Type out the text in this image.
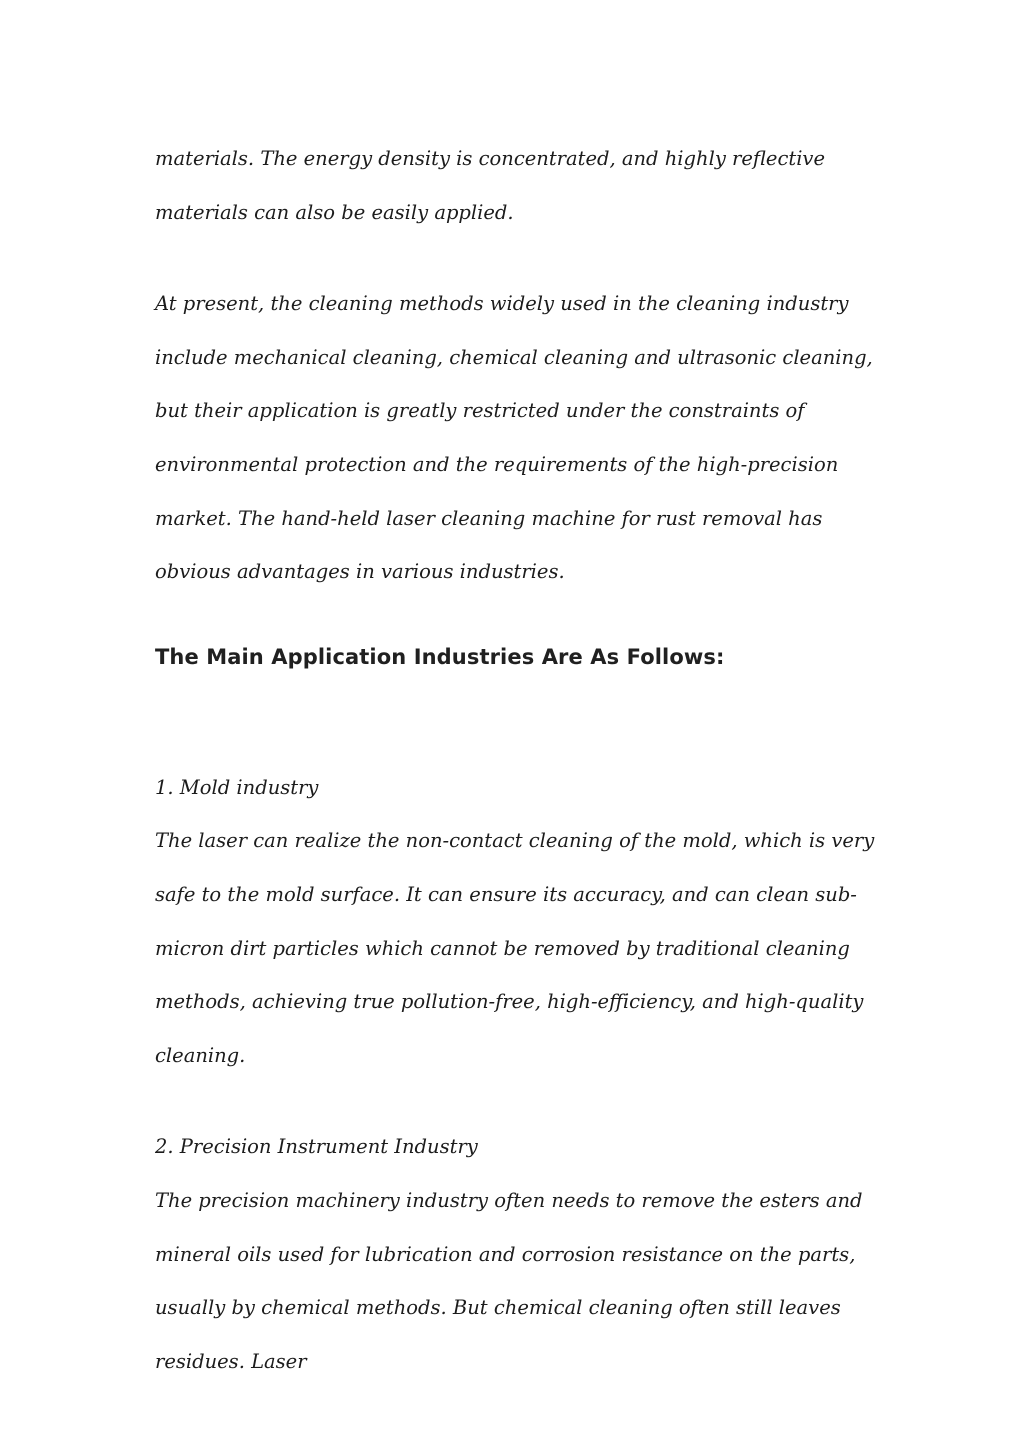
materials. The energy density is concentrated, and highly reflective materials can also be easily applied.

At present, the cleaning methods widely used in the cleaning industry include mechanical cleaning, chemical cleaning and ultrasonic cleaning, but their application is greatly restricted under the constraints of environmental protection and the requirements of the high-precision market. The hand-held laser cleaning machine for rust removal has obvious advantages in various industries.

The Main Application Industries Are As Follows:

1. Mold industry

The laser can realize the non-contact cleaning of the mold, which is very safe to the mold surface. It can ensure its accuracy, and can clean sub-micron dirt particles which cannot be removed by traditional cleaning methods, achieving true pollution-free, high-efficiency, and high-quality cleaning.

2. Precision Instrument Industry

The precision machinery industry often needs to remove the esters and mineral oils used for lubrication and corrosion resistance on the parts, usually by chemical methods. But chemical cleaning often still leaves residues. Laser
